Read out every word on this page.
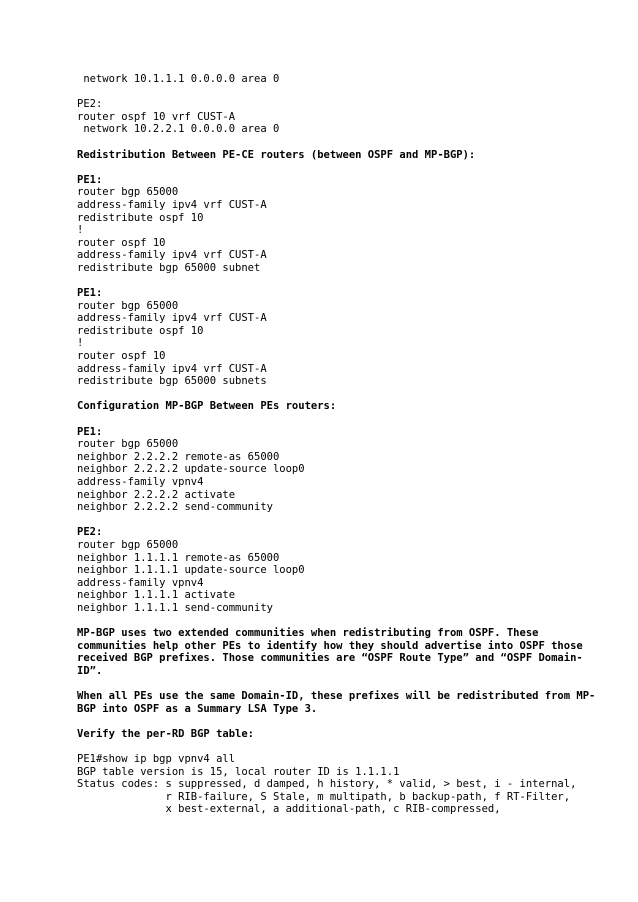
network 10.1.1.1 0.0.0.0 area 0
PE2:
router ospf 10 vrf CUST-A
network 10.2.2.1 0.0.0.0 area 0
Redistribution Between PE-CE routers (between OSPF and MP-BGP):
PE1:
router bgp 65000
address-family ipv4 vrf CUST-A
redistribute ospf 10
!
router ospf 10
address-family ipv4 vrf CUST-A
redistribute bgp 65000 subnet
PE1:
router bgp 65000
address-family ipv4 vrf CUST-A
redistribute ospf 10
!
router ospf 10
address-family ipv4 vrf CUST-A
redistribute bgp 65000 subnets
Configuration MP-BGP Between PEs routers:
PE1:
router bgp 65000
neighbor 2.2.2.2 remote-as 65000
neighbor 2.2.2.2 update-source loop0
address-family vpnv4
neighbor 2.2.2.2 activate
neighbor 2.2.2.2 send-community
PE2:
router bgp 65000
neighbor 1.1.1.1 remote-as 65000
neighbor 1.1.1.1 update-source loop0
address-family vpnv4
neighbor 1.1.1.1 activate
neighbor 1.1.1.1 send-community
MP-BGP uses two extended communities when redistributing from OSPF. These
communities help other PEs to identify how they should advertise into OSPF those
received BGP prefixes. Those communities are “OSPF Route Type” and “OSPF Domain-
ID”.
When all PEs use the same Domain-ID, these prefixes will be redistributed from MP-
BGP into OSPF as a Summary LSA Type 3.
Verify the per-RD BGP table:
PE1#show ip bgp vpnv4 all
BGP table version is 15, local router ID is 1.1.1.1
Status codes: s suppressed, d damped, h history, * valid, > best, i - internal,
r RIB-failure, S Stale, m multipath, b backup-path, f RT-Filter,
x best-external, a additional-path, c RIB-compressed,
